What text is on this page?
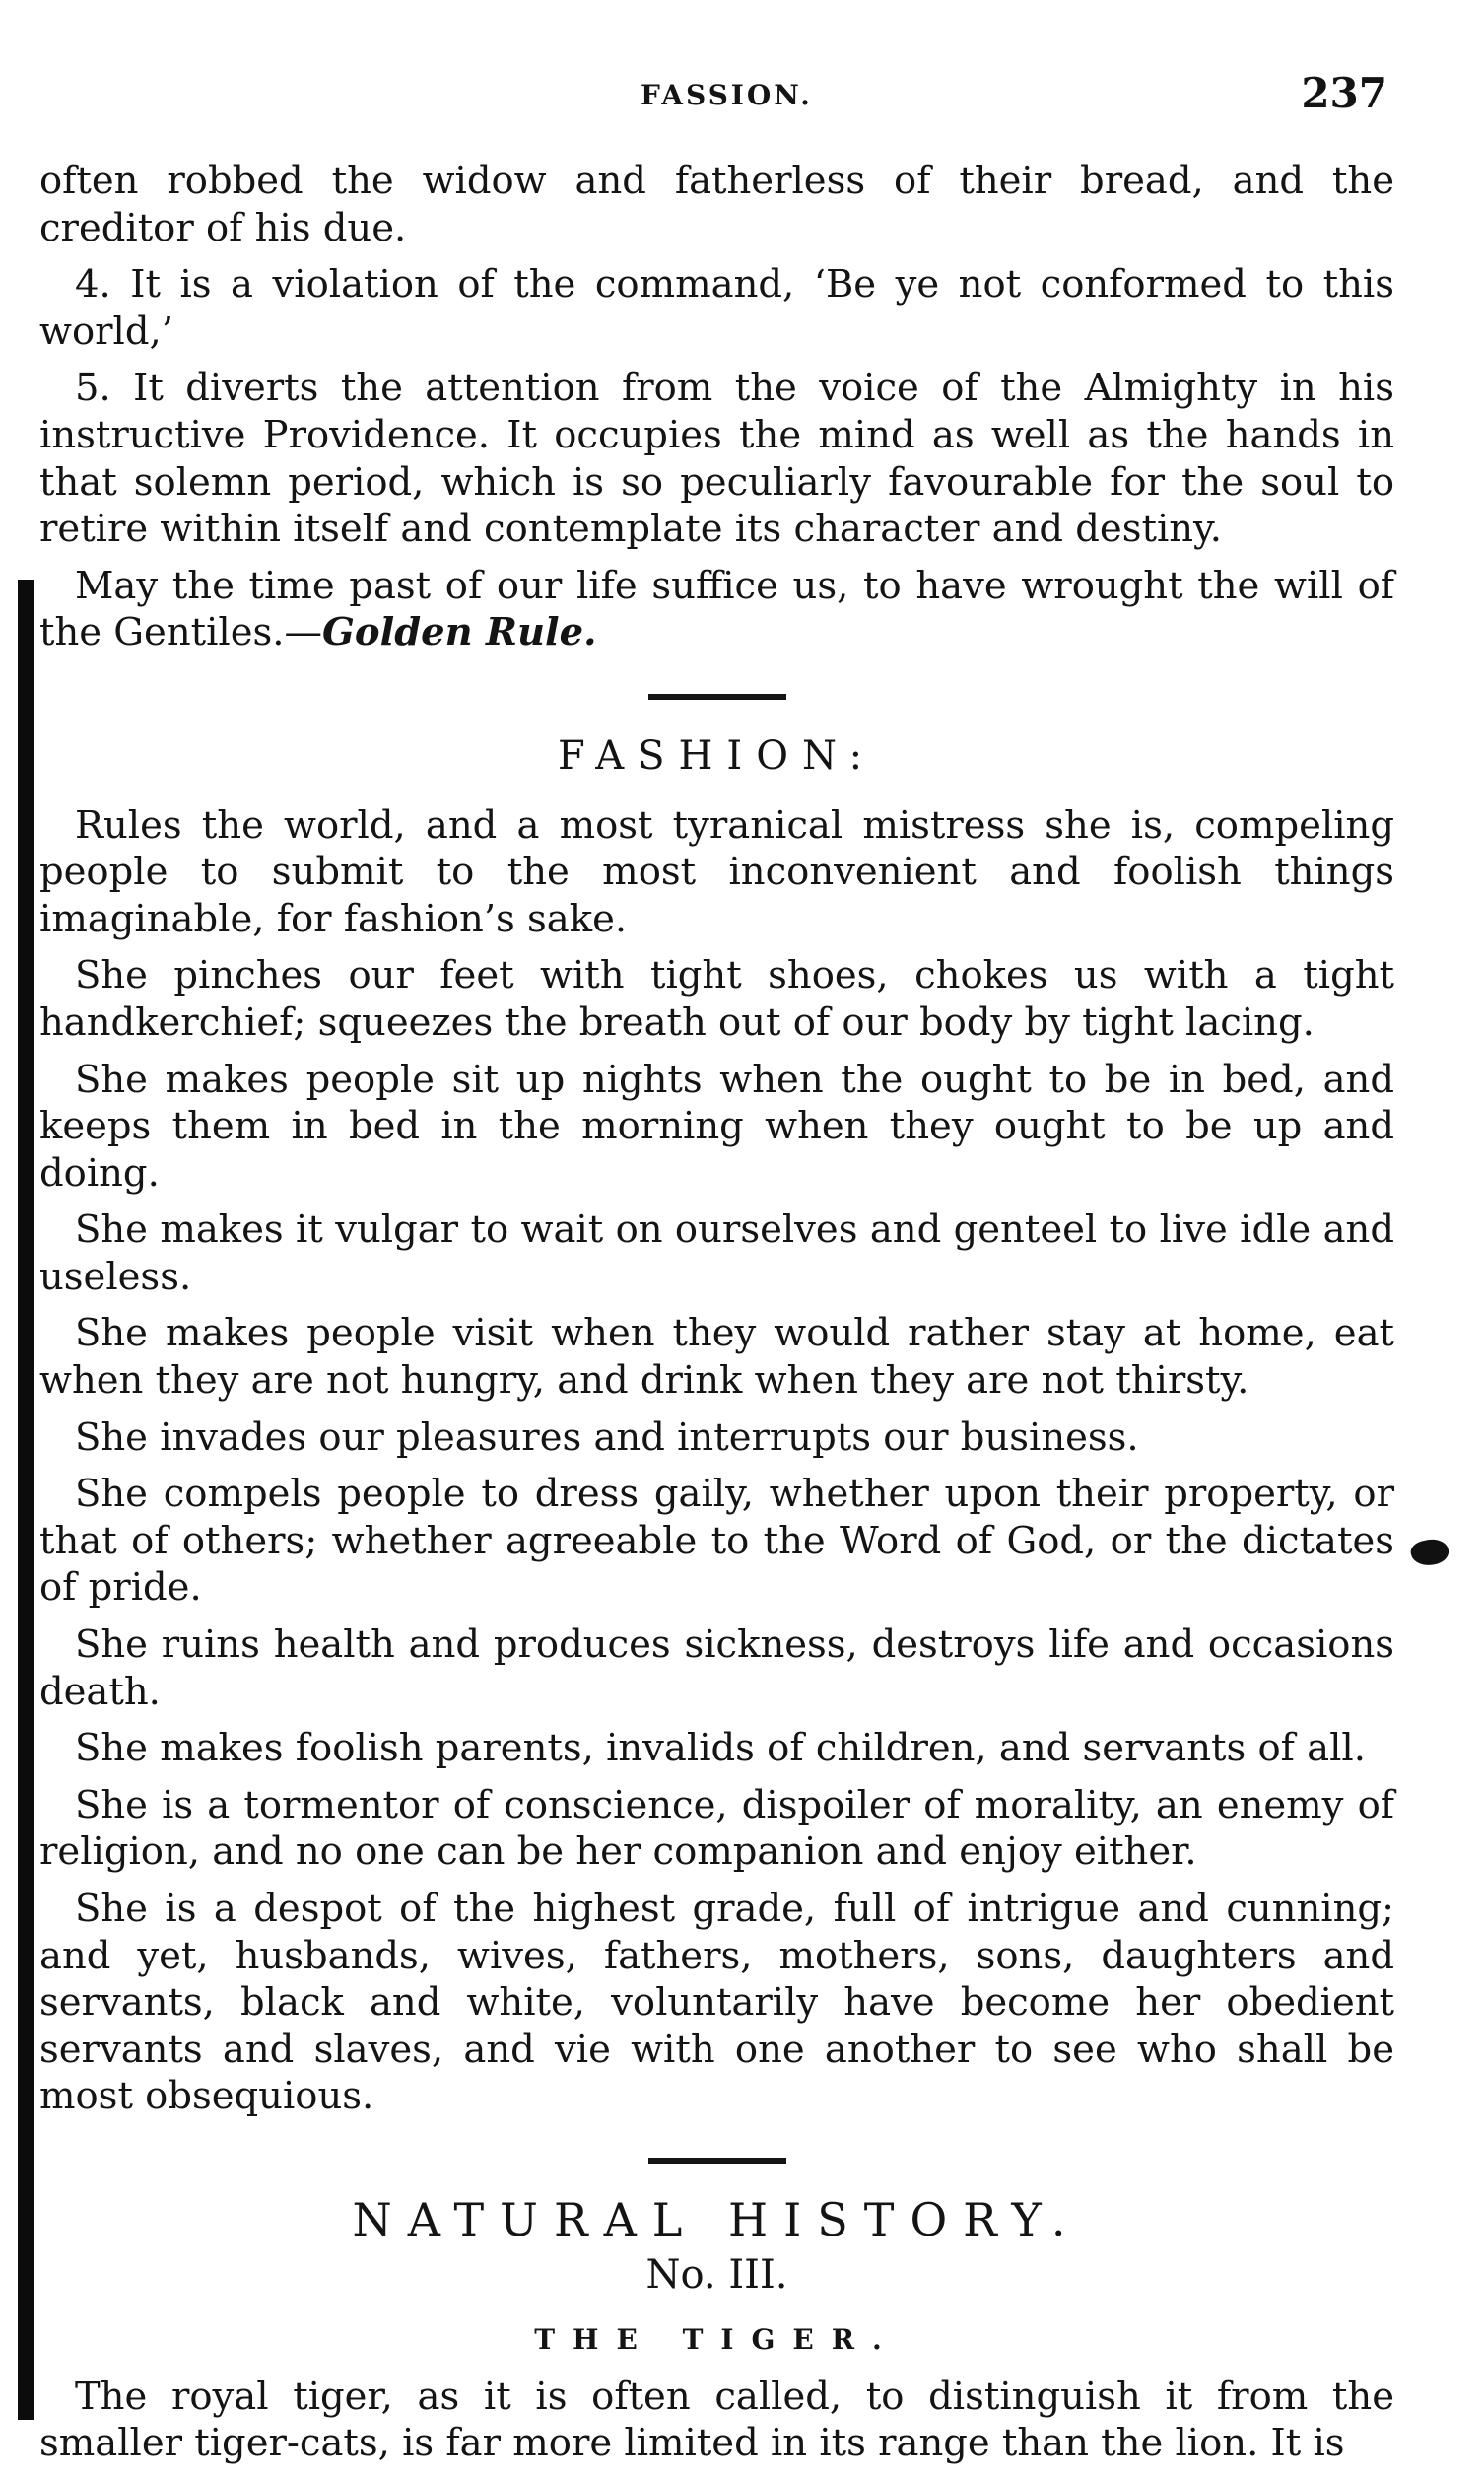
FASSION.	237

often robbed the widow and fatherless of their bread, and the creditor of his due.

4. It is a violation of the command, ‘Be ye not conformed to this world,’

5. It diverts the attention from the voice of the Almighty in his instructive Providence. It occupies the mind as well as the hands in that solemn period, which is so peculiarly favourable for the soul to retire within itself and contemplate its character and destiny.

May the time past of our life suffice us, to have wrought the will of the Gentiles.—Golden Rule.

FASHION:

Rules the world, and a most tyranical mistress she is, compeling people to submit to the most inconvenient and foolish things imaginable, for fashion’s sake.

She pinches our feet with tight shoes, chokes us with a tight handkerchief; squeezes the breath out of our body by tight lacing.

She makes people sit up nights when the ought to be in bed, and keeps them in bed in the morning when they ought to be up and doing.

She makes it vulgar to wait on ourselves and genteel to live idle and useless.

She makes people visit when they would rather stay at home, eat when they are not hungry, and drink when they are not thirsty.

She invades our pleasures and interrupts our business.

She compels people to dress gaily, whether upon their property, or that of others; whether agreeable to the Word of God, or the dictates of pride.

She ruins health and produces sickness, destroys life and occasions death.

She makes foolish parents, invalids of children, and servants of all.

She is a tormentor of conscience, dispoiler of morality, an enemy of religion, and no one can be her companion and enjoy either.

She is a despot of the highest grade, full of intrigue and cunning; and yet, husbands, wives, fathers, mothers, sons, daughters and servants, black and white, voluntarily have become her obedient servants and slaves, and vie with one another to see who shall be most obsequious.

NATURAL HISTORY.
No. III.
THE TIGER.

The royal tiger, as it is often called, to distinguish it from the smaller tiger-cats, is far more limited in its range than the lion. It is
